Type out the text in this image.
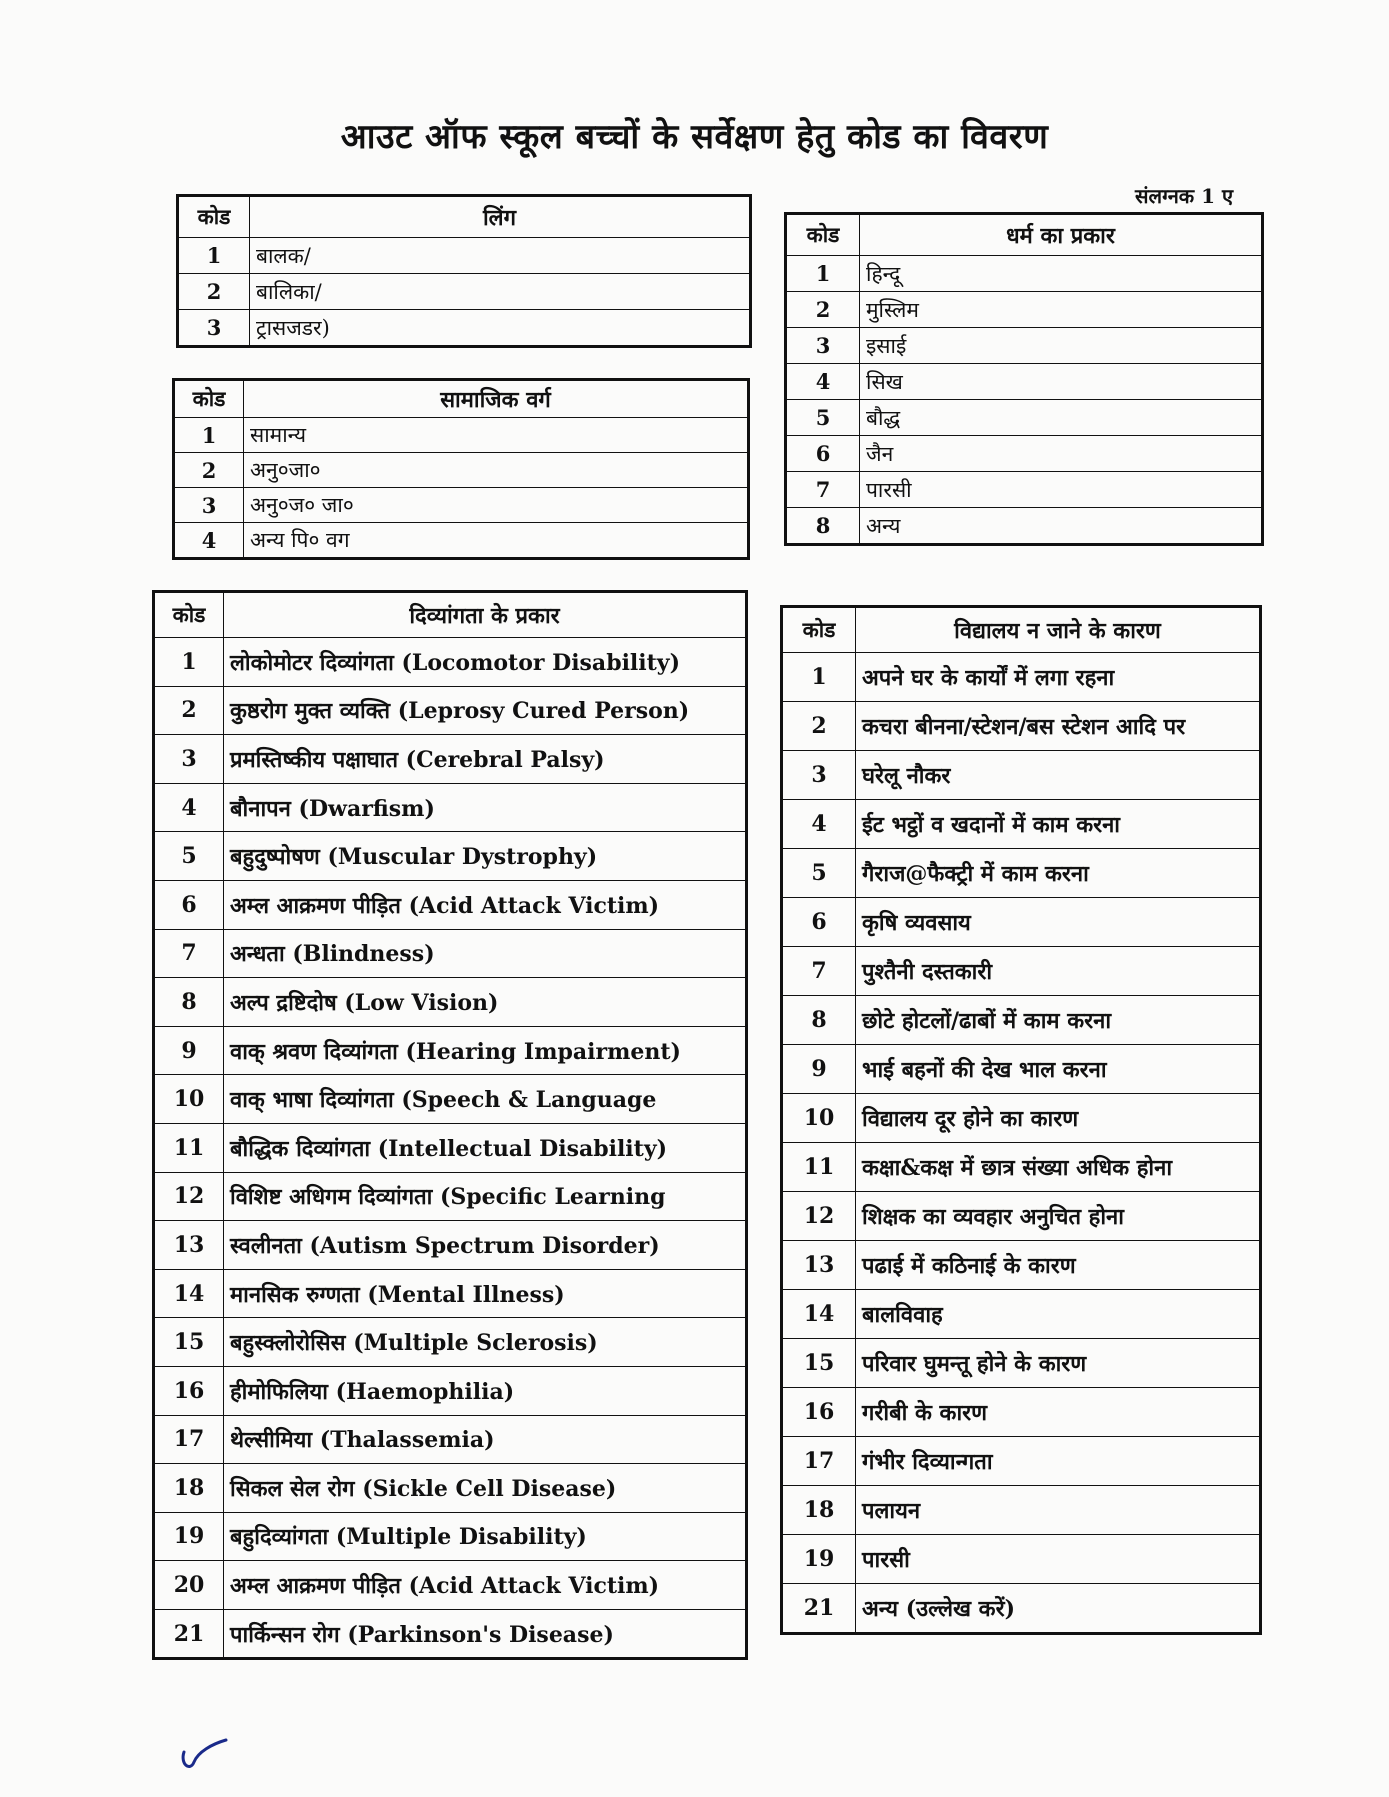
आउट ऑफ स्कूल बच्चों के सर्वेक्षण हेतु कोड का विवरण
संलग्नक 1 ए
कोड	लिंग
1	बालक/
2	बालिका/
3	ट्रासजडर)
कोड	सामाजिक वर्ग
1	सामान्य
2	अनु०जा०
3	अनु०ज० जा०
4	अन्य पि० वग
कोड	धर्म का प्रकार
1	हिन्दू
2	मुस्लिम
3	इसाई
4	सिख
5	बौद्ध
6	जैन
7	पारसी
8	अन्य
कोड	दिव्यांगता के प्रकार
1	लोकोमोटर दिव्यांगता (Locomotor Disability)
2	कुष्ठरोग मुक्त व्यक्ति (Leprosy Cured Person)
3	प्रमस्तिष्कीय पक्षाघात (Cerebral Palsy)
4	बौनापन (Dwarfism)
5	बहुदुष्पोषण (Muscular Dystrophy)
6	अम्ल आक्रमण पीड़ित (Acid Attack Victim)
7	अन्धता (Blindness)
8	अल्प द्रष्टिदोष (Low Vision)
9	वाक् श्रवण दिव्यांगता (Hearing Impairment)
10	वाक् भाषा दिव्यांगता (Speech & Language
11	बौद्धिक दिव्यांगता (Intellectual Disability)
12	विशिष्ट अधिगम दिव्यांगता (Specific Learning
13	स्वलीनता (Autism Spectrum Disorder)
14	मानसिक रुग्णता (Mental Illness)
15	बहुस्क्लोरोसिस (Multiple Sclerosis)
16	हीमोफिलिया (Haemophilia)
17	थेल्सीमिया (Thalassemia)
18	सिकल सेल रोग (Sickle Cell Disease)
19	बहुदिव्यांगता (Multiple Disability)
20	अम्ल आक्रमण पीड़ित (Acid Attack Victim)
21	पार्किन्सन रोग (Parkinson's Disease)
कोड	विद्यालय न जाने के कारण
1	अपने घर के कार्यों में लगा रहना
2	कचरा बीनना/स्टेशन/बस स्टेशन आदि पर
3	घरेलू नौकर
4	ईट भट्ठों व खदानों में काम करना
5	गैराज@फैक्ट्री में काम करना
6	कृषि व्यवसाय
7	पुश्तैनी दस्तकारी
8	छोटे होटलों/ढाबों में काम करना
9	भाई बहनों की देख भाल करना
10	विद्यालय दूर होने का कारण
11	कक्षा&कक्ष में छात्र संख्या अधिक होना
12	शिक्षक का व्यवहार अनुचित होना
13	पढाई में कठिनाई के कारण
14	बालविवाह
15	परिवार घुमन्तू होने के कारण
16	गरीबी के कारण
17	गंभीर दिव्यान्गता
18	पलायन
19	पारसी
21	अन्य (उल्लेख करें)
